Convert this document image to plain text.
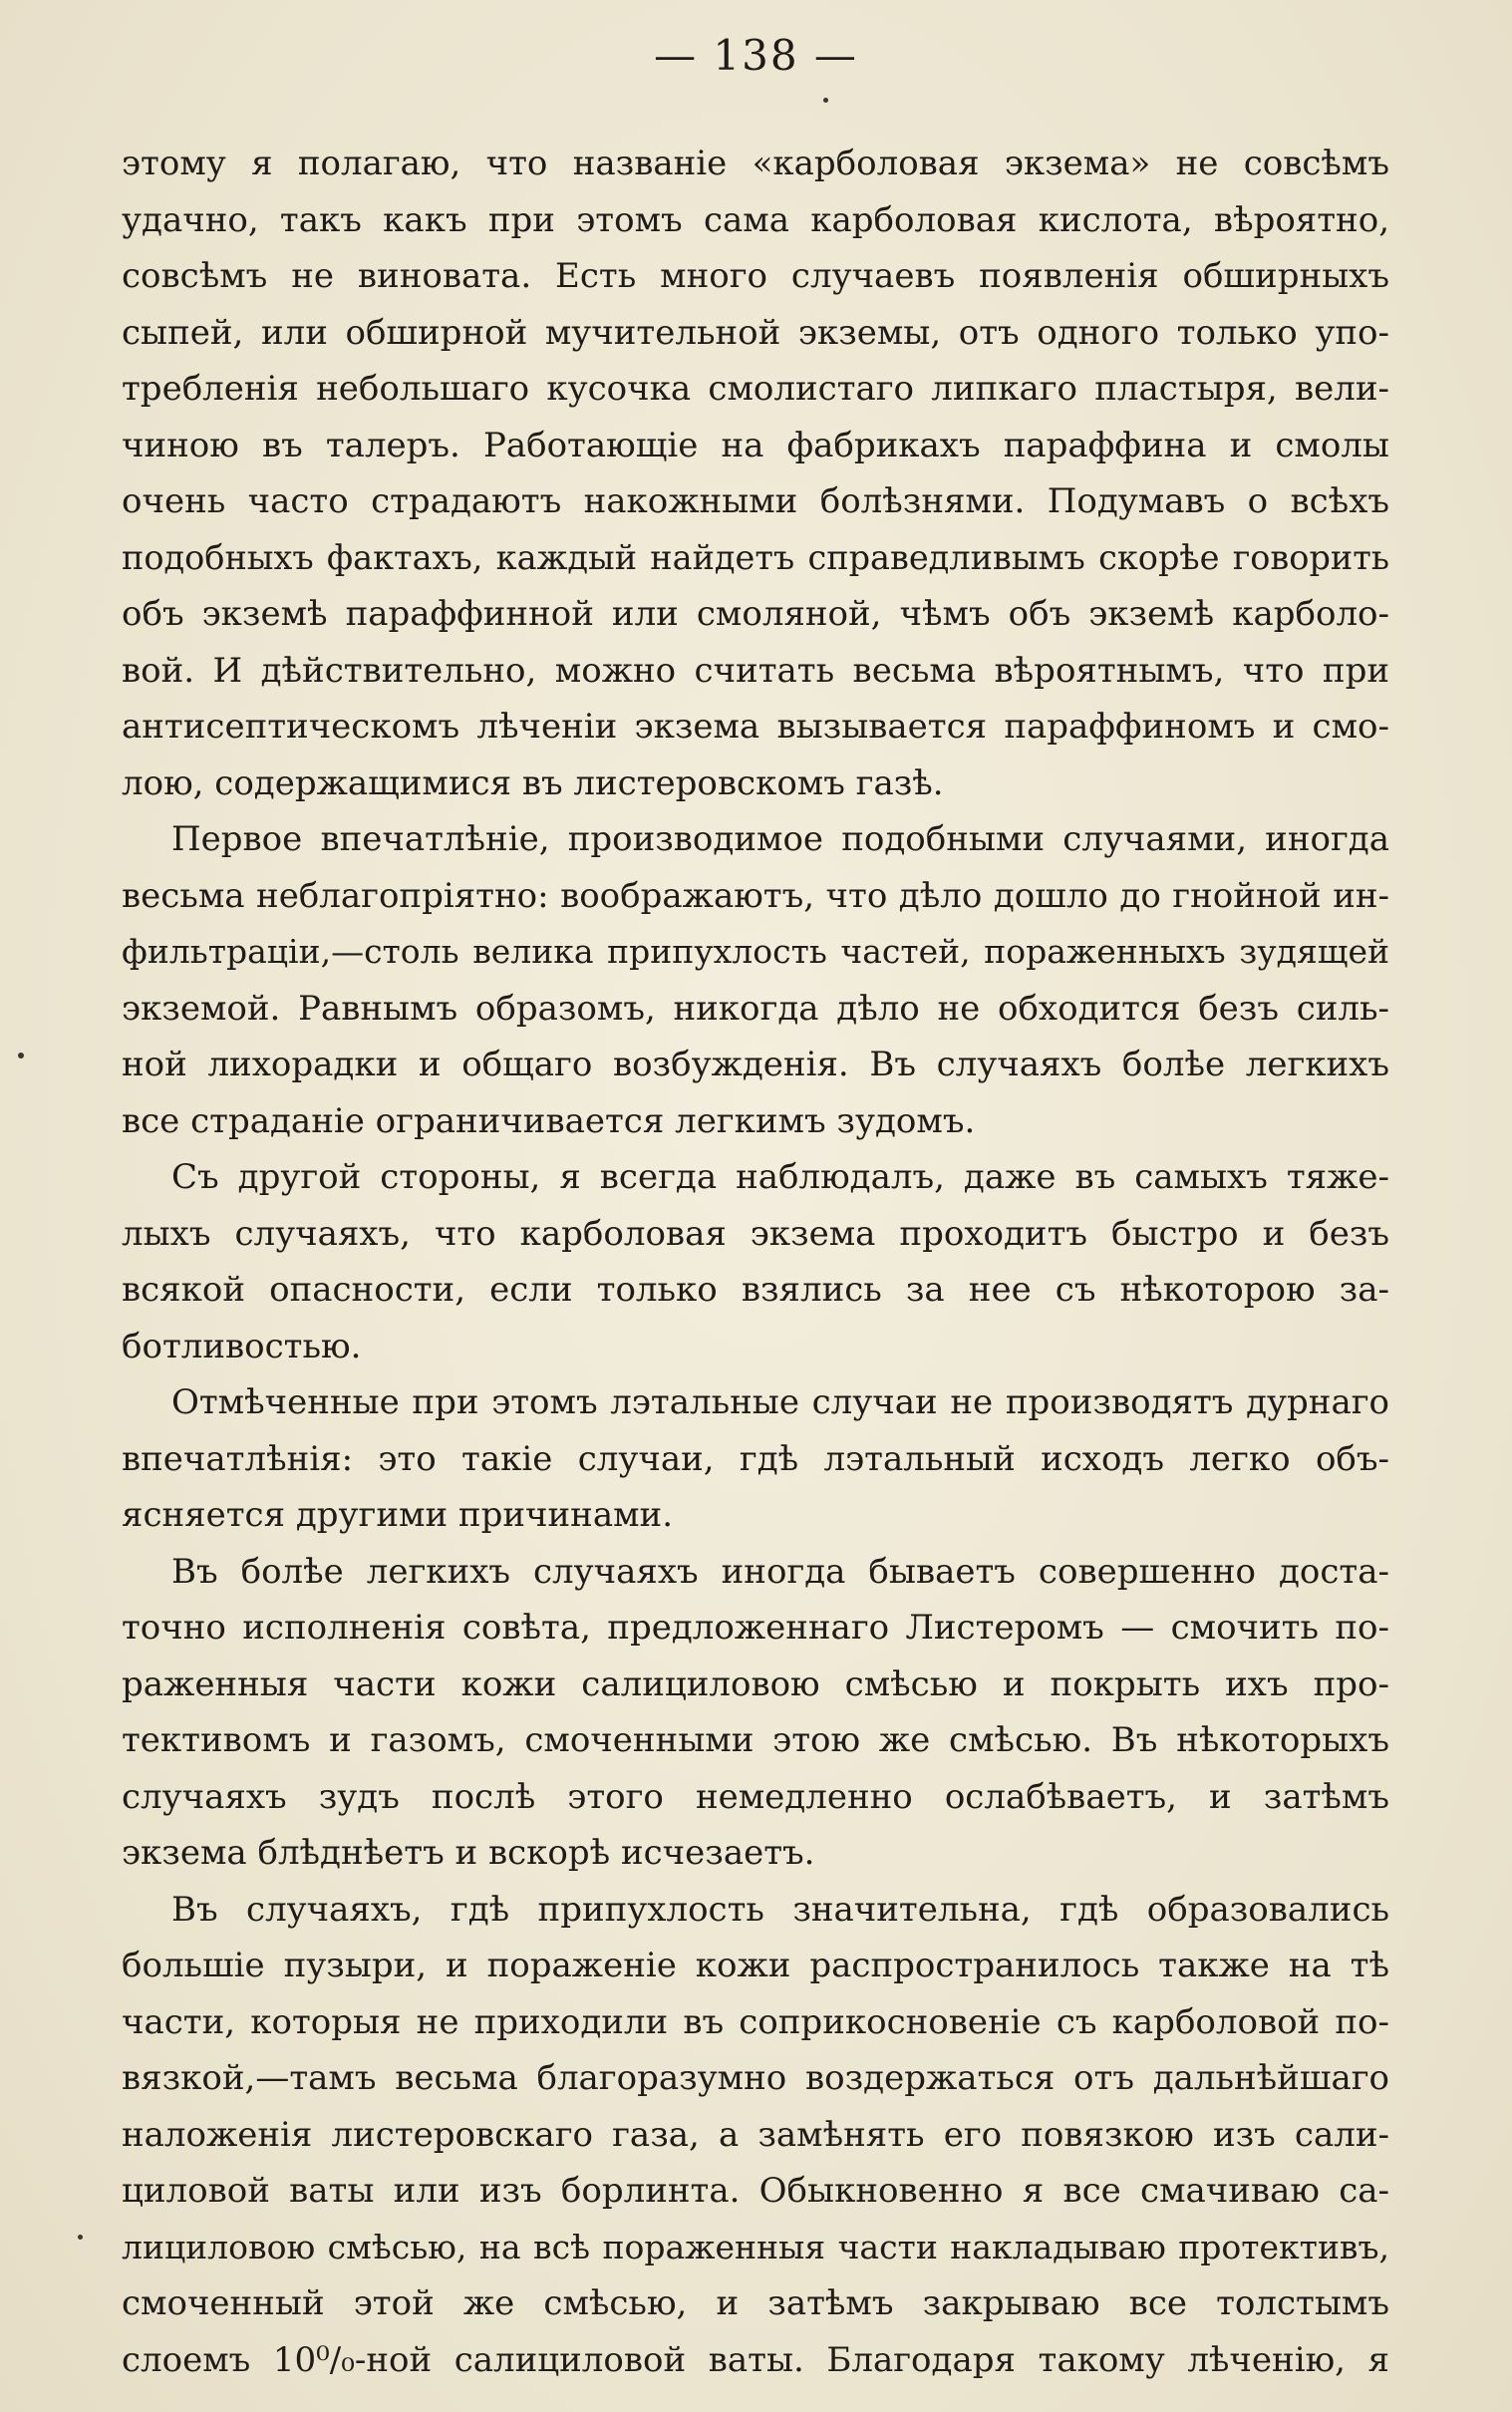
— 138 —
этому я полагаю, что названіе «карболовая экзема» не совсѣмъ
удачно, такъ какъ при этомъ сама карболовая кислота, вѣроятно,
совсѣмъ не виновата. Есть много случаевъ появленія обширныхъ
сыпей, или обширной мучительной экземы, отъ одного только упо-
требленія небольшаго кусочка смолистаго липкаго пластыря, вели-
чиною въ талеръ. Работающіе на фабрикахъ параффина и смолы
очень часто страдаютъ накожными болѣзнями. Подумавъ о всѣхъ
подобныхъ фактахъ, каждый найдетъ справедливымъ скорѣе говорить
объ экземѣ параффинной или смоляной, чѣмъ объ экземѣ карболо-
вой. И дѣйствительно, можно считать весьма вѣроятнымъ, что при
антисептическомъ лѣченіи экзема вызывается параффиномъ и смо-
лою, содержащимися въ листеровскомъ газѣ.
Первое впечатлѣніе, производимое подобными случаями, иногда
весьма неблагопріятно: воображаютъ, что дѣло дошло до гнойной ин-
фильтраціи,—столь велика припухлость частей, пораженныхъ зудящей
экземой. Равнымъ образомъ, никогда дѣло не обходится безъ силь-
ной лихорадки и общаго возбужденія. Въ случаяхъ болѣе легкихъ
все страданіе ограничивается легкимъ зудомъ.
Съ другой стороны, я всегда наблюдалъ, даже въ самыхъ тяже-
лыхъ случаяхъ, что карболовая экзема проходитъ быстро и безъ
всякой опасности, если только взялись за нее съ нѣкоторою за-
ботливостью.
Отмѣченные при этомъ лэтальные случаи не производятъ дурнаго
впечатлѣнія: это такіе случаи, гдѣ лэтальный исходъ легко объ-
ясняется другими причинами.
Въ болѣе легкихъ случаяхъ иногда бываетъ совершенно доста-
точно исполненія совѣта, предложеннаго Листеромъ — смочить по-
раженныя части кожи салициловою смѣсью и покрыть ихъ про-
тективомъ и газомъ, смоченными этою же смѣсью. Въ нѣкоторыхъ
случаяхъ зудъ послѣ этого немедленно ослабѣваетъ, и затѣмъ
экзема блѣднѣетъ и вскорѣ исчезаетъ.
Въ случаяхъ, гдѣ припухлость значительна, гдѣ образовались
большіе пузыри, и пораженіе кожи распространилось также на тѣ
части, которыя не приходили въ соприкосновеніе съ карболовой по-
вязкой,—тамъ весьма благоразумно воздержаться отъ дальнѣйшаго
наложенія листеровскаго газа, а замѣнять его повязкою изъ сали-
циловой ваты или изъ борлинта. Обыкновенно я все смачиваю са-
лициловою смѣсью, на всѣ пораженныя части накладываю протективъ,
смоченный этой же смѣсью, и затѣмъ закрываю все толстымъ
слоемъ 10⁰/₀-ной салициловой ваты. Благодаря такому лѣченію, я
